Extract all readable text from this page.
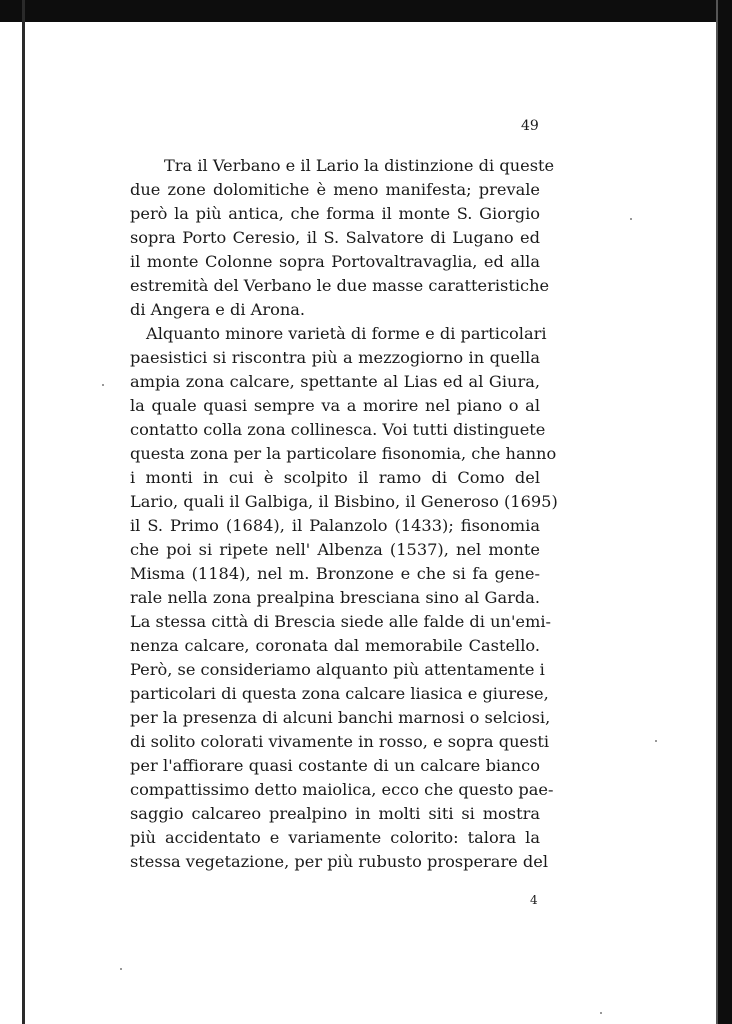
49
Tra il Verbano e il Lario la distinzione di queste
due zone dolomitiche è meno manifesta; prevale
però la più antica, che forma il monte S. Giorgio
sopra Porto Ceresio, il S. Salvatore di Lugano ed
il monte Colonne sopra Portovaltravaglia, ed alla
estremità del Verbano le due masse caratteristiche
di Angera e di Arona.
Alquanto minore varietà di forme e di particolari
paesistici si riscontra più a mezzogiorno in quella
ampia zona calcare, spettante al Lias ed al Giura,
la quale quasi sempre va a morire nel piano o al
contatto colla zona collinesca. Voi tutti distinguete
questa zona per la particolare fisonomia, che hanno
i monti in cui è scolpito il ramo di Como del
Lario, quali il Galbiga, il Bisbino, il Generoso (1695)
il S. Primo (1684), il Palanzolo (1433); fisonomia
che poi si ripete nell' Albenza (1537), nel monte
Misma (1184), nel m. Bronzone e che si fa gene-
rale nella zona prealpina bresciana sino al Garda.
La stessa città di Brescia siede alle falde di un'emi-
nenza calcare, coronata dal memorabile Castello.
Però, se consideriamo alquanto più attentamente i
particolari di questa zona calcare liasica e giurese,
per la presenza di alcuni banchi marnosi o selciosi,
di solito colorati vivamente in rosso, e sopra questi
per l'affiorare quasi costante di un calcare bianco
compattissimo detto maiolica, ecco che questo pae-
saggio calcareo prealpino in molti siti si mostra
più accidentato e variamente colorito: talora la
stessa vegetazione, per più rubusto prosperare del
4
